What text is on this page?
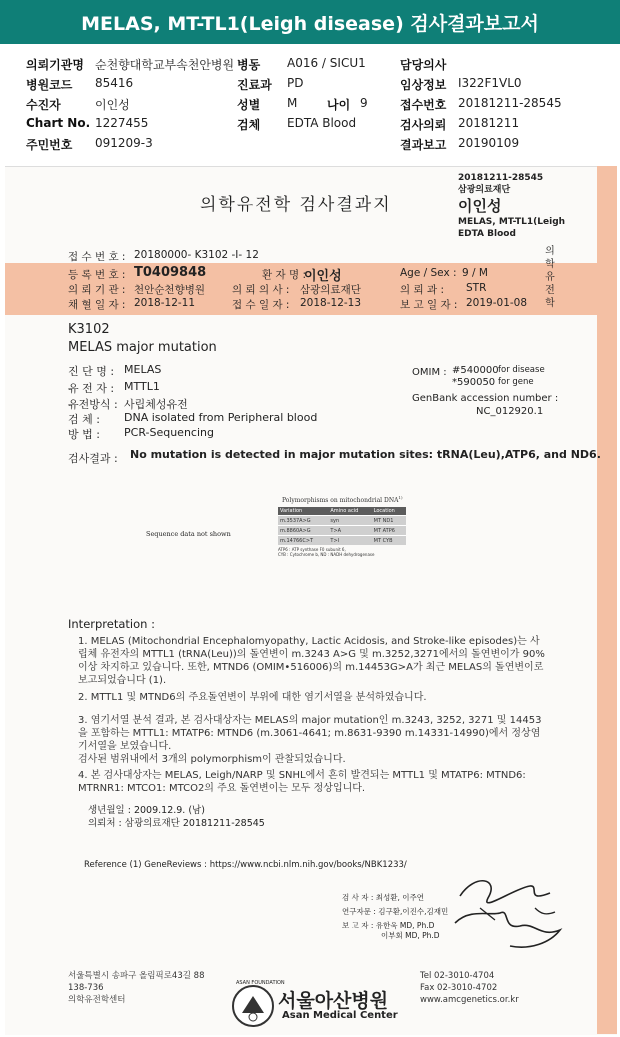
MELAS, MT-TL1(Leigh disease) 검사결과보고서
의뢰기관명 순천향대학교부속천안병원 병동 A016 / SICU1	담당의사
병원코드 85416	진료과 PD	임상정보 I322F1VL0
수진자	이인성	성별 M 나이 9	접수번호 20181211-28545
Chart No. 1227455	검체 EDTA Blood	검사의뢰 20181211
주민번호 091209-3	결과보고 20190109
의학유전학 검사결과지
20181211-28545
삼광의료재단
이인성
MELAS, MT-TL1(Leigh
EDTA Blood
의
학
유
전
학
접 수 번 호 : 20180000- K3102 -I- 12
등 록 번 호 : T0409848	환 자 명 :
이인성	Age / Sex : 9 / M
의 뢰 기 관 : 천안순천향병원	의 뢰 의 사 : 삼광의료재단	의 뢰 과 : STR
채 혈 일 자 : 2018-12-11	접 수 일 자 : 2018-12-13	보 고 일 자 : 2019-01-08
K3102
MELAS major mutation
진 단 명 : MELAS
유 전 자 : MTTL1
유전방식 : 사립체성유전
검 체 : DNA isolated from Peripheral blood
방 법 : PCR-Sequencing
OMIM : #540000 for disease
*590050 for gene
GenBank accession number :
NC_012920.1
검사결과 : No mutation is detected in major mutation sites: tRNA(Leu),ATP6, and ND6.
Sequence data not shown
Polymorphisms on mitochondrial DNA$^{1)}$
Variation	Amino acid	Location
m.3537A>G	syn	MT ND1
m.8860A>G	T>A	MT ATP6
m.14766C>T	T>I	MT CYB
ATP6 : ATP synthase F0 subunit 6,
CYB : Cytochrome b, ND : NADH dehydrogenase
Interpretation :
1. MELAS (Mitochondrial Encephalomyopathy, Lactic Acidosis, and Stroke-like episodes)는 사립체 유전자의 MTTL1 (tRNA(Leu))의 돌연변이 m.3243 A>G 및 m.3252,3271에서의 돌연변이가 90%이상 차지하고 있습니다. 또한, MTND6 (OMIM•516006)의 m.14453G>A가 최근 MELAS의 돌연변이로 보고되었습니다 (1).
2. MTTL1 및 MTND6의 주요돌연변이 부위에 대한 염기서열을 분석하였습니다.
3. 염기서열 분석 결과, 본 검사대상자는 MELAS의 major mutation인 m.3243, 3252, 3271 및 14453을 포함하는 MTTL1: MTATP6: MTND6 (m.3061-4641; m.8631-9390 m.14331-14990)에서 정상염기서열을 보였습니다.
검사된 범위내에서 3개의 polymorphism이 관찰되었습니다.
4. 본 검사대상자는 MELAS, Leigh/NARP 및 SNHL에서 흔히 발견되는 MTTL1 및 MTATP6: MTND6: MTRNR1: MTCO1: MTCO2의 주요 돌연변이는 모두 정상입니다.
생년월일 : 2009.12.9. (남)
의뢰처 : 삼광의료재단 20181211-28545
Reference (1) GeneReviews : https://www.ncbi.nlm.nih.gov/books/NBK1233/
검 사 자 : 최성환, 이주연
연구자문 : 김구환,이진수,김재민
보 고 자 : 유한욱 MD, Ph.D
이부회 MD, Ph.D
서울특별시 송파구 올림픽로43길 88
138-736
의학유전학센터
ASAN FOUNDATION
서울아산병원
Asan Medical Center
Tel 02-3010-4704
Fax 02-3010-4702
www.amcgenetics.or.kr
